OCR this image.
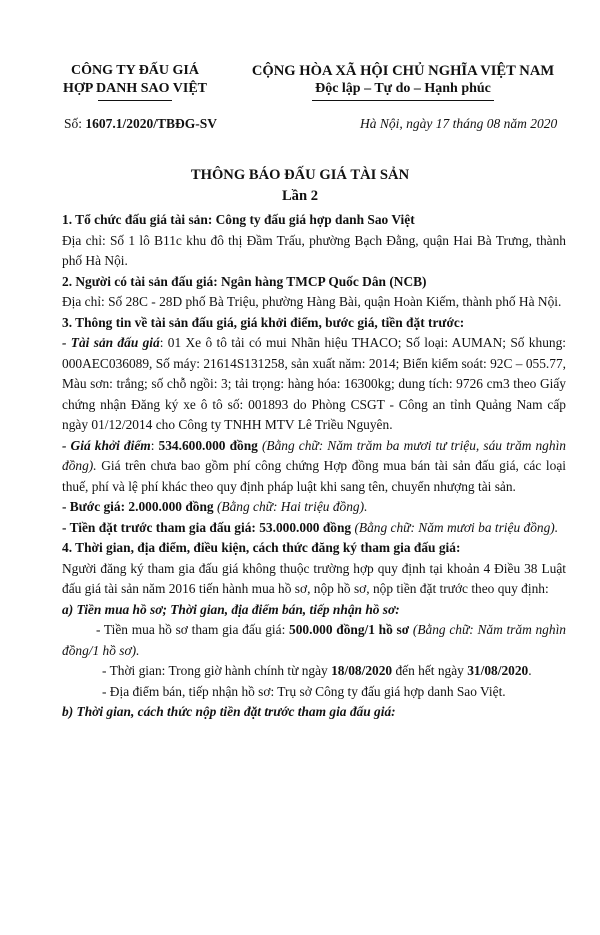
CÔNG TY ĐẤU GIÁ
HỢP DANH SAO VIỆT
CỘNG HÒA XÃ HỘI CHỦ NGHĨA VIỆT NAM
Độc lập – Tự do – Hạnh phúc
Số: 1607.1/2020/TBĐG-SV	Hà Nội, ngày 17 tháng 08 năm 2020
THÔNG BÁO ĐẤU GIÁ TÀI SẢN
Lần 2

1. Tổ chức đấu giá tài sản: Công ty đấu giá hợp danh Sao Việt

Địa chỉ: Số 1 lô B11c khu đô thị Đầm Trấu, phường Bạch Đằng, quận Hai Bà Trưng, thành phố Hà Nội.

2. Người có tài sản đấu giá: Ngân hàng TMCP Quốc Dân (NCB)

Địa chỉ: Số 28C - 28D phố Bà Triệu, phường Hàng Bài, quận Hoàn Kiếm, thành phố Hà Nội.

3. Thông tin về tài sản đấu giá, giá khởi điểm, bước giá, tiền đặt trước:

- Tài sản đấu giá: 01 Xe ô tô tải có mui Nhãn hiệu THACO; Số loại: AUMAN; Số khung: 000AEC036089, Số máy: 21614S131258, sản xuất năm: 2014; Biển kiểm soát: 92C – 055.77, Màu sơn: trắng; số chỗ ngồi: 3; tải trọng: hàng hóa: 16300kg; dung tích: 9726 cm3 theo Giấy chứng nhận Đăng ký xe ô tô số: 001893 do Phòng CSGT - Công an tỉnh Quảng Nam cấp ngày 01/12/2014 cho Công ty TNHH MTV Lê Triều Nguyên.

- Giá khởi điểm: 534.600.000 đồng (Bằng chữ: Năm trăm ba mươi tư triệu, sáu trăm nghìn đồng). Giá trên chưa bao gồm phí công chứng Hợp đồng mua bán tài sản đấu giá, các loại thuế, phí và lệ phí khác theo quy định pháp luật khi sang tên, chuyển nhượng tài sản.

- Bước giá: 2.000.000 đồng (Bằng chữ: Hai triệu đồng).

- Tiền đặt trước tham gia đấu giá: 53.000.000 đồng (Bằng chữ: Năm mươi ba triệu đồng).

4. Thời gian, địa điểm, điều kiện, cách thức đăng ký tham gia đấu giá:

Người đăng ký tham gia đấu giá không thuộc trường hợp quy định tại khoản 4 Điều 38 Luật đấu giá tài sản năm 2016 tiến hành mua hồ sơ, nộp hồ sơ, nộp tiền đặt trước theo quy định:

a) Tiền mua hồ sơ; Thời gian, địa điểm bán, tiếp nhận hồ sơ:

- Tiền mua hồ sơ tham gia đấu giá: 500.000 đồng/1 hồ sơ (Bằng chữ: Năm trăm nghìn đồng/1 hồ sơ).

- Thời gian: Trong giờ hành chính từ ngày 18/08/2020 đến hết ngày 31/08/2020.

- Địa điểm bán, tiếp nhận hồ sơ: Trụ sở Công ty đấu giá hợp danh Sao Việt.

b) Thời gian, cách thức nộp tiền đặt trước tham gia đấu giá:
